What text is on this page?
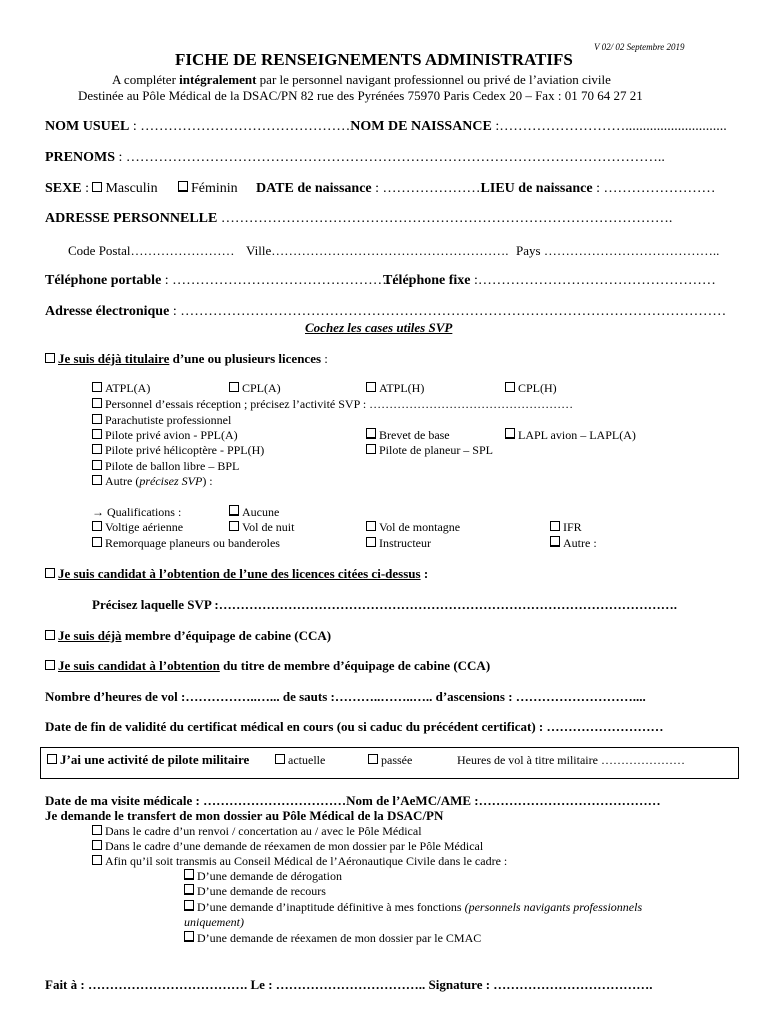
V 02/ 02 Septembre 2019
FICHE DE RENSEIGNEMENTS ADMINISTRATIFS
A compléter intégralement par le personnel navigant professionnel ou privé de l’aviation civile
Destinée au Pôle Médical de la DSAC/PN 82 rue des Pyrénées 75970 Paris Cedex 20 – Fax : 01 70 64 27 21
NOM USUEL : ………………………………………NOM DE NAISSANCE :……………………….............................
PRENOMS : ……………………………………………………………………………………………………..
SEXE : Masculin	Féminin DATE de naissance : …………………LIEU de naissance : ……………………
ADRESSE PERSONNELLE …………………………………………………………………………………….
Code Postal…………………… Ville………………………………………………. Pays …………………………………..
Téléphone portable : …………………………………………
Téléphone fixe :……………………………………………
Adresse électronique : ………………………………………………………………………………………………………
Cochez les cases utiles SVP
Je suis déjà titulaire d’une ou plusieurs licences :
ATPL(A)	CPL(A)	ATPL(H)	CPL(H)
Personnel d’essais réception ; précisez l’activité SVP : ……………………………………………
Parachutiste professionnel
Pilote privé avion - PPL(A)	Brevet de base	LAPL avion – LAPL(A)
Pilote privé hélicoptère - PPL(H)	Pilote de planeur – SPL
Pilote de ballon libre – BPL
Autre (précisez SVP) :
→ Qualifications :	Aucune
Voltige aérienne	Vol de nuit	Vol de montagne	IFR
Remorquage planeurs ou banderoles	Instructeur	Autre :
Je suis candidat à l’obtention de l’une des licences citées ci-dessus :
Précisez laquelle SVP :…………………………………………………………………………………………….
Je suis déjà membre d’équipage de cabine (CCA)
Je suis candidat à l’obtention du titre de membre d’équipage de cabine (CCA)
Nombre d’heures de vol :……………..…... de sauts :………..……..….. d’ascensions : ………………………....
Date de fin de validité du certificat médical en cours (ou si caduc du précédent certificat) : ………………………
J’ai une activité de pilote militaire	actuelle	passée	Heures de vol à titre militaire …………………
Date de ma visite médicale : ……………………………Nom de l’AeMC/AME :……………………………………
Je demande le transfert de mon dossier au Pôle Médical de la DSAC/PN
Dans le cadre d’un renvoi / concertation au / avec le Pôle Médical
Dans le cadre d’une demande de réexamen de mon dossier par le Pôle Médical
Afin qu’il soit transmis au Conseil Médical de l’Aéronautique Civile dans le cadre :
D’une demande de dérogation
D’une demande de recours
D’une demande d’inaptitude définitive à mes fonctions (personnels navigants professionnels
uniquement)
D’une demande de réexamen de mon dossier par le CMAC
Fait à : ………………………………. Le : …………………………….. Signature : ……………………………….
